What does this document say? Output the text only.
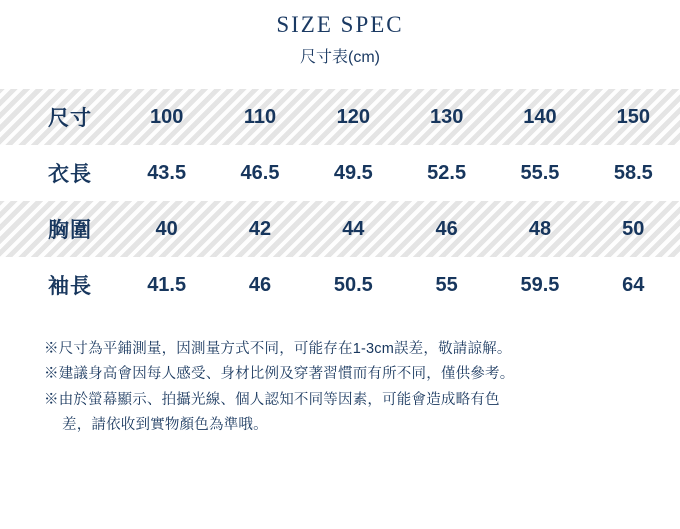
SIZE SPEC
尺寸表(cm)
尺寸	100	110	120	130	140	150
衣長	43.5	46.5	49.5	52.5	55.5	58.5
胸圍	40	42	44	46	48	50
袖長	41.5	46	50.5	55	59.5	64
※尺寸為平鋪測量，因測量方式不同，可能存在1-3cm誤差，敬請諒解。
※建議身高會因每人感受、身材比例及穿著習慣而有所不同，僅供參考。
※由於螢幕顯示、拍攝光線、個人認知不同等因素，可能會造成略有色
差，請依收到實物顏色為準哦。
